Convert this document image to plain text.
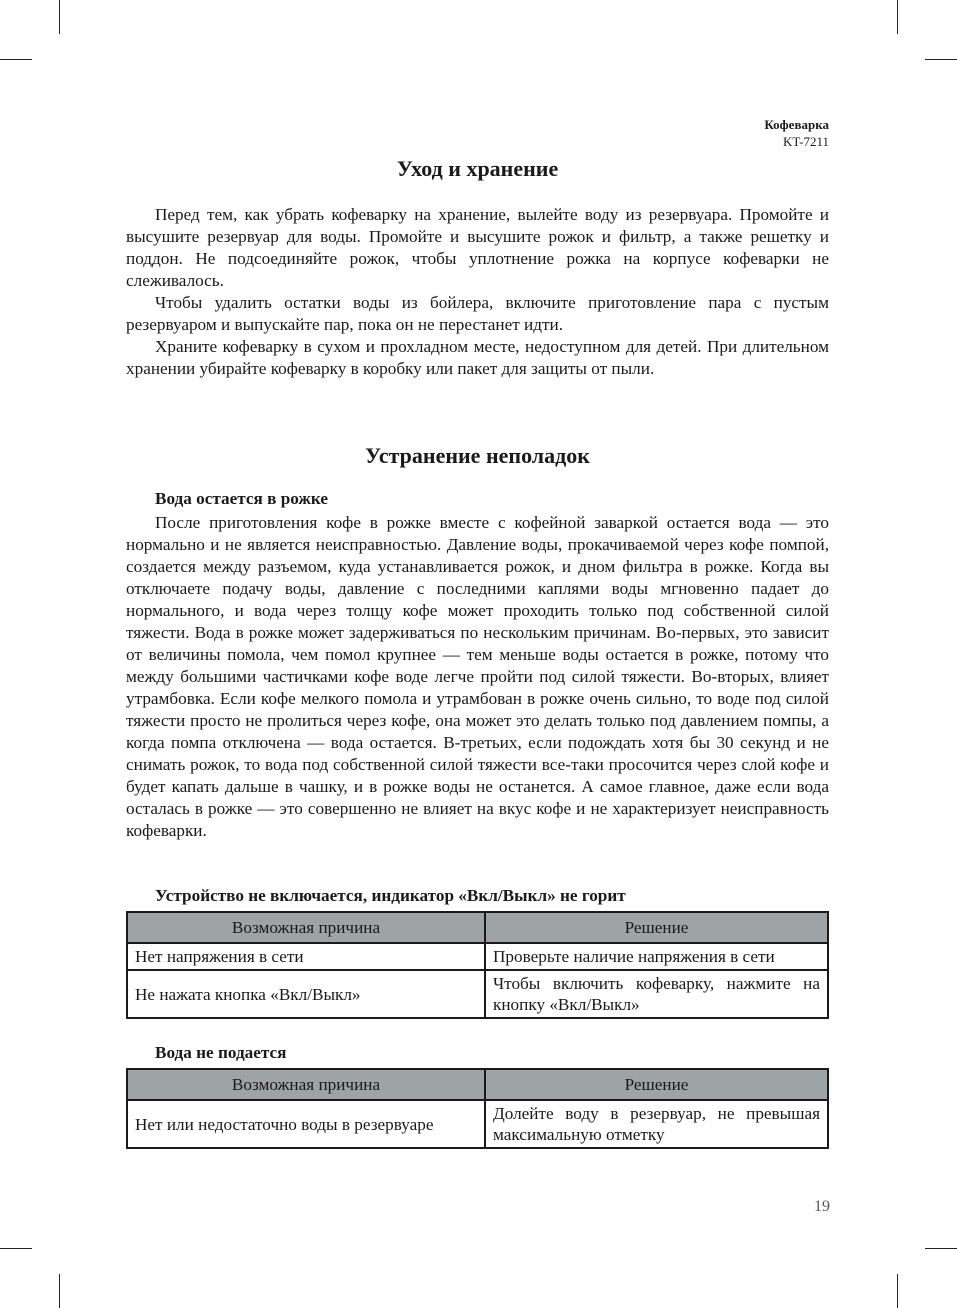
Кофеварка
KT-7211
Уход и хранение

Перед тем, как убрать кофеварку на хранение, вылейте воду из резервуара. Промойте и высушите резервуар для воды. Промойте и высушите рожок и фильтр, а также решетку и поддон. Не подсоединяйте рожок, чтобы уплотнение рожка на корпусе кофеварки не слеживалось.

Чтобы удалить остатки воды из бойлера, включите приготовление пара с пустым резервуаром и выпускайте пар, пока он не перестанет идти.

Храните кофеварку в сухом и прохладном месте, недоступном для детей. При длительном хранении убирайте кофеварку в коробку или пакет для защиты от пыли.

Устранение неполадок
Вода остается в рожке

После приготовления кофе в рожке вместе с кофейной заваркой остается вода — это нормально и не является неисправностью. Давление воды, прокачиваемой через кофе помпой, создается между разъемом, куда устанавливается рожок, и дном фильтра в рожке. Когда вы отключаете подачу воды, давление с последними каплями воды мгновенно падает до нормального, и вода через толщу кофе может проходить только под собственной силой тяжести. Вода в рожке может задерживаться по нескольким причинам. Во-первых, это зависит от величины помола, чем помол крупнее — тем меньше воды остается в рожке, потому что между большими частичками кофе воде легче пройти под силой тяжести. Во-вторых, влияет утрамбовка. Если кофе мелкого помола и утрамбован в рожке очень сильно, то воде под силой тяжести просто не пролиться через кофе, она может это делать только под давлением помпы, а когда помпа отключена — вода остается. В-третьих, если подождать хотя бы 30 секунд и не снимать рожок, то вода под собственной силой тяжести все-таки просочится через слой кофе и будет капать дальше в чашку, и в рожке воды не останется. А самое главное, даже если вода осталась в рожке — это совершенно не влияет на вкус кофе и не характеризует неисправность кофеварки.

Устройство не включается, индикатор «Вкл/Выкл» не горит
Возможная причина	Решение
Нет напряжения в сети	Проверьте наличие напряжения в сети
Не нажата кнопка «Вкл/Выкл»	Чтобы включить кофеварку, нажмите на кнопку «Вкл/Выкл»
Вода не подается
Возможная причина	Решение
Нет или недостаточно воды в резервуаре	Долейте воду в резервуар, не превышая максимальную отметку
19
